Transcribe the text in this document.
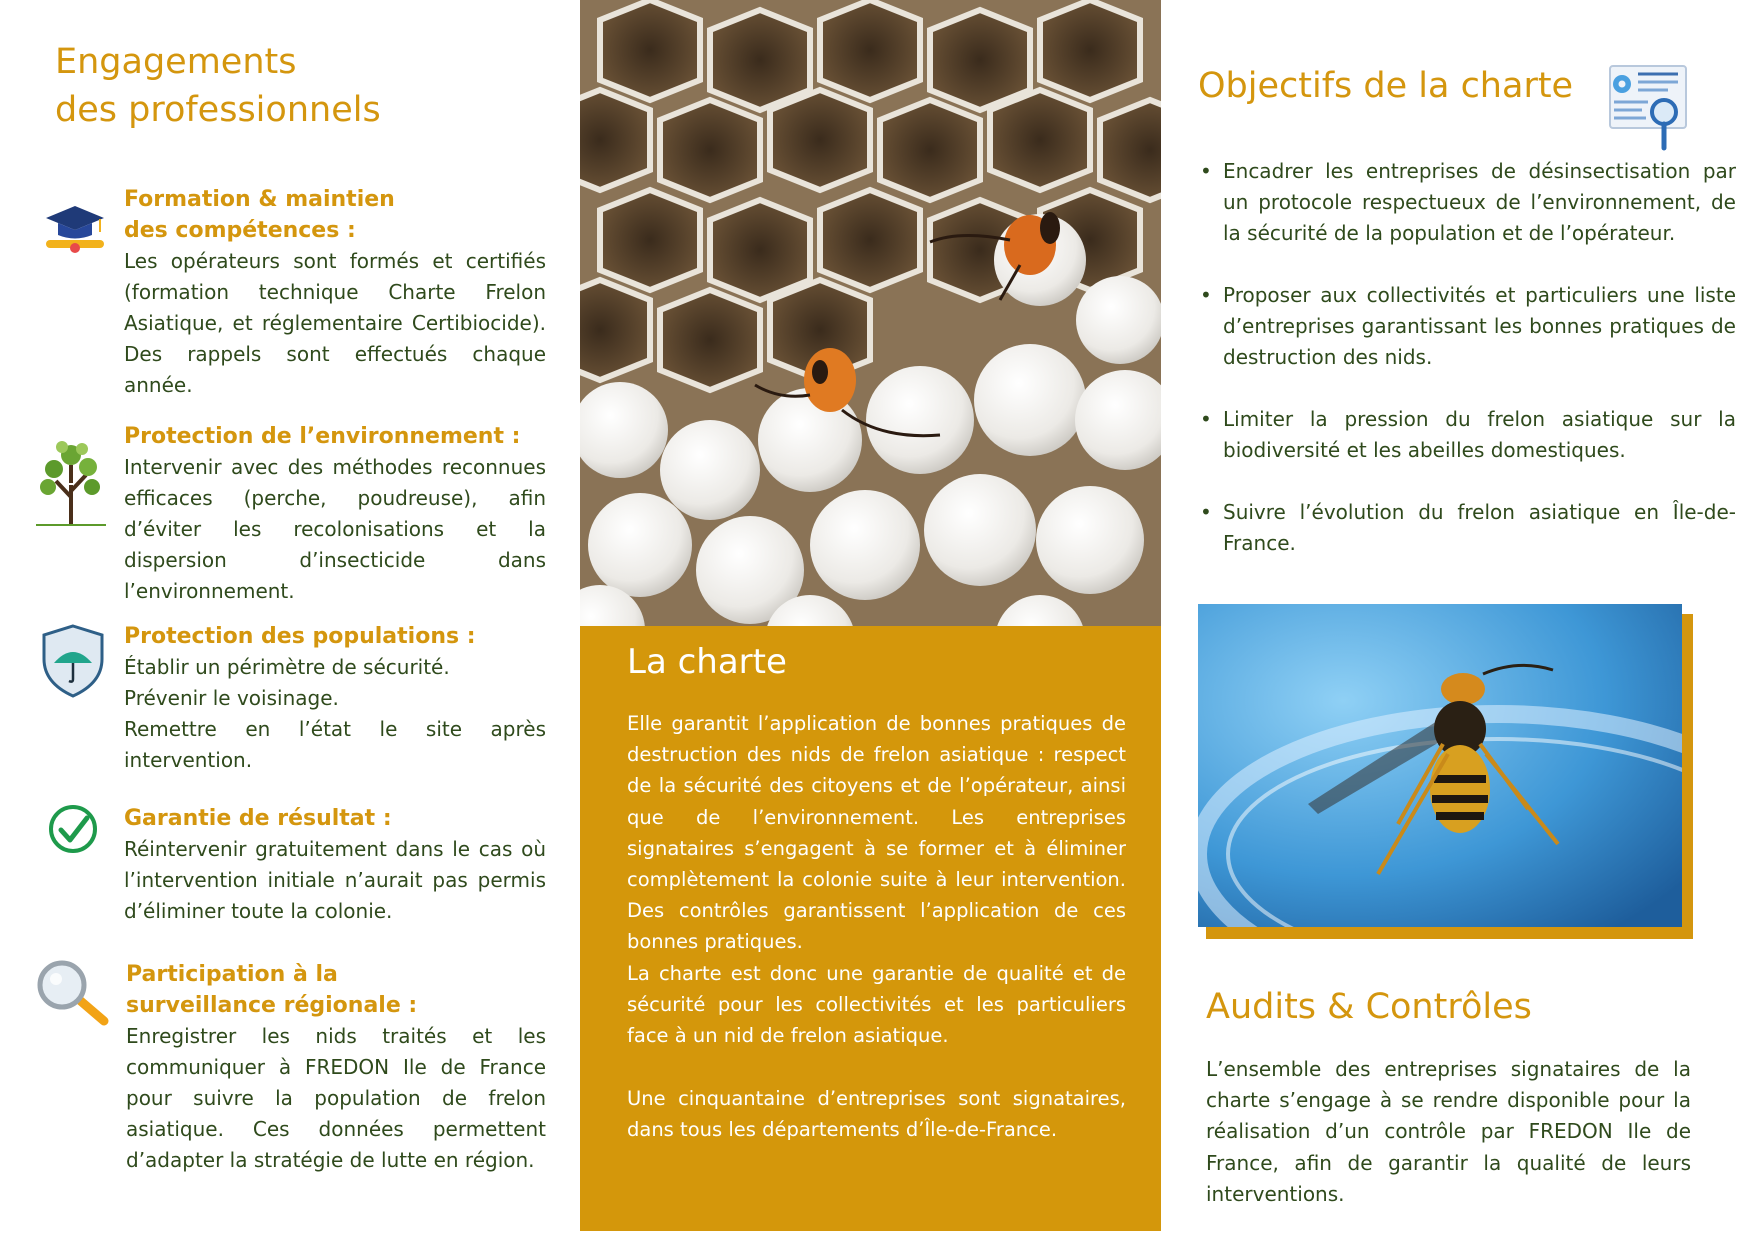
Engagements
des professionnels
Formation & maintien
des compétences :

Les opérateurs sont formés et certifiés (formation technique Charte Frelon Asiatique, et réglementaire Certibiocide). Des rappels sont effectués chaque année.

Protection de l’environnement :

Intervenir avec des méthodes reconnues efficaces (perche, poudreuse), afin d’éviter les recolonisations et la dispersion d’insecticide dans l’environnement.

Protection des populations :

Établir un périmètre de sécurité.
Prévenir le voisinage.
Remettre en l’état le site après intervention.

Garantie de résultat :

Réintervenir gratuitement dans le cas où l’intervention initiale n’aurait pas permis d’éliminer toute la colonie.

Participation à la
surveillance régionale :

Enregistrer les nids traités et les communiquer à FREDON Ile de France pour suivre la population de frelon asiatique. Ces données permettent d’adapter la stratégie de lutte en région.

La charte

Elle garantit l’application de bonnes pratiques de destruction des nids de frelon asiatique : respect de la sécurité des citoyens et de l’opérateur, ainsi que de l’environnement. Les entreprises signataires s’engagent à se former et à éliminer complètement la colonie suite à leur intervention. Des contrôles garantissent l’application de ces bonnes pratiques.

La charte est donc une garantie de qualité et de sécurité pour les collectivités et les particuliers face à un nid de frelon asiatique.

Une cinquantaine d’entreprises sont signataires, dans tous les départements d’Île-de-France.

Objectifs de la charte

• Encadrer les entreprises de désinsectisation par un protocole respectueux de l’environnement, de la sécurité de la population et de l’opérateur.

• Proposer aux collectivités et particuliers une liste d’entreprises garantissant les bonnes pratiques de destruction des nids.

• Limiter la pression du frelon asiatique sur la biodiversité et les abeilles domestiques.

• Suivre l’évolution du frelon asiatique en Île-de-France.

Audits & Contrôles

L’ensemble des entreprises signataires de la charte s’engage à se rendre disponible pour la réalisation d’un contrôle par FREDON Ile de France, afin de garantir la qualité de leurs interventions.
